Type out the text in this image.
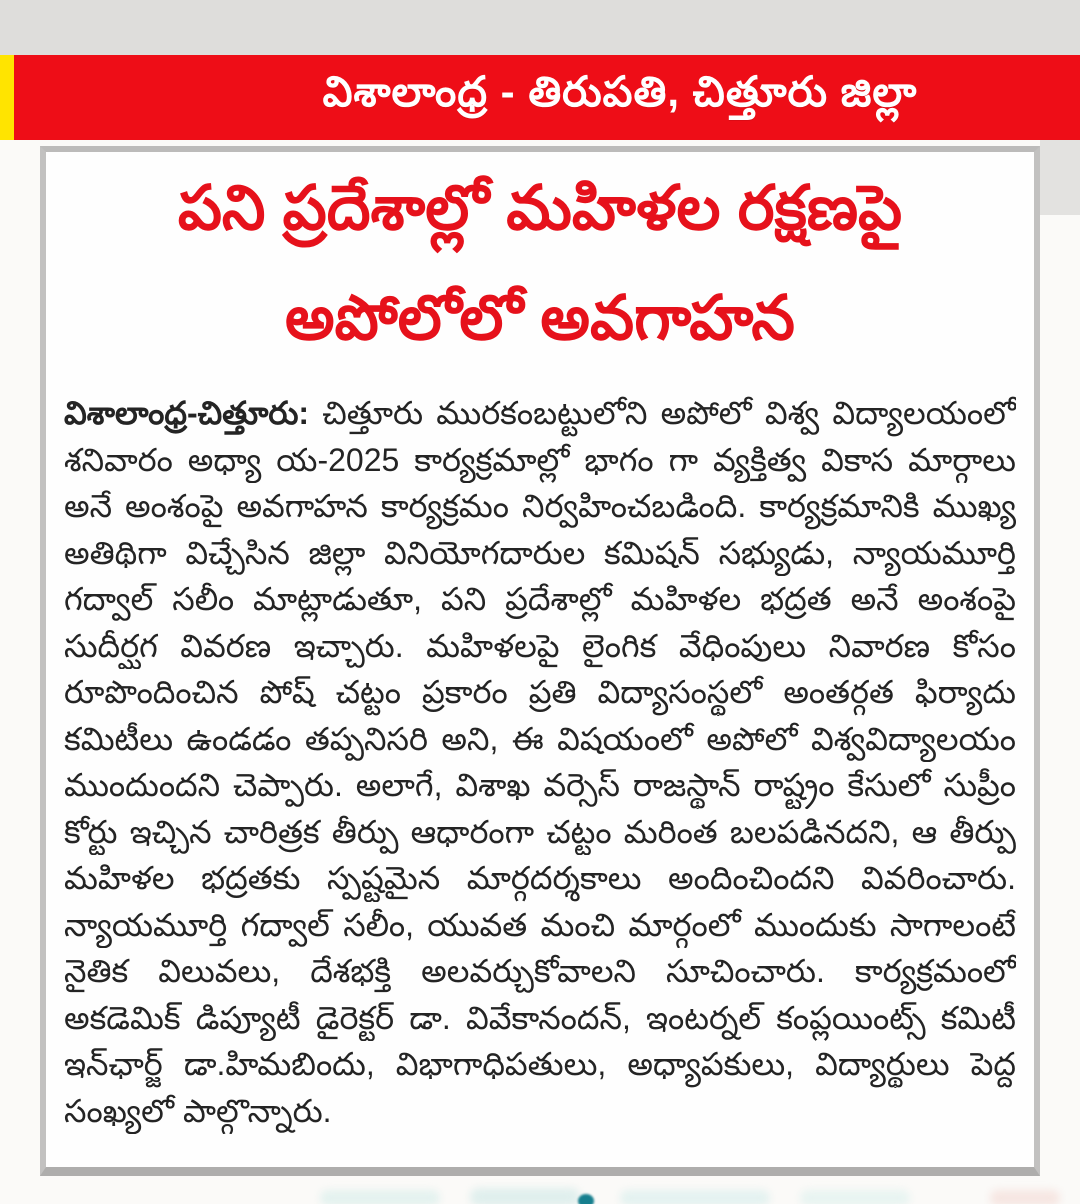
విశాలాంధ్ర - తిరుపతి, చిత్తూరు జిల్లా
పని ప్రదేశాల్లో మహిళల రక్షణపై
అపోలోలో అవగాహన
విశాలాంధ్ర-చిత్తూరు: చిత్తూరు మురకంబట్టులోని అపోలో విశ్వ విద్యాలయంలో
శనివారం అధ్యా య-2025 కార్యక్రమాల్లో భాగం గా వ్యక్తిత్వ వికాస మార్గాలు
అనే అంశంపై అవగాహన కార్యక్రమం నిర్వహించబడింది. కార్యక్రమానికి ముఖ్య
అతిథిగా విచ్చేసిన జిల్లా వినియోగదారుల కమిషన్ సభ్యుడు, న్యాయమూర్తి
గద్వాల్ సలీం మాట్లాడుతూ, పని ప్రదేశాల్లో మహిళల భద్రత అనే అంశంపై
సుదీర్ఘగ వివరణ ఇచ్చారు. మహిళలపై లైంగిక వేధింపులు నివారణ కోసం
రూపొందించిన పోష్ చట్టం ప్రకారం ప్రతి విద్యాసంస్థలో అంతర్గత ఫిర్యాదు
కమిటీలు ఉండడం తప్పనిసరి అని, ఈ విషయంలో అపోలో విశ్వవిద్యాలయం
ముందుందని చెప్పారు. అలాగే, విశాఖ వర్సెస్ రాజస్థాన్ రాష్ట్రం కేసులో సుప్రీం
కోర్టు ఇచ్చిన చారిత్రక తీర్పు ఆధారంగా చట్టం మరింత బలపడినదని, ఆ తీర్పు
మహిళల భద్రతకు స్పష్టమైన మార్గదర్శకాలు అందించిందని వివరించారు.
న్యాయమూర్తి గద్వాల్ సలీం, యువత మంచి మార్గంలో ముందుకు సాగాలంటే
నైతిక విలువలు, దేశభక్తి అలవర్చుకోవాలని సూచించారు. కార్యక్రమంలో
అకడెమిక్ డిప్యూటీ డైరెక్టర్ డా. వివేకానందన్, ఇంటర్నల్ కంప్లయింట్స్ కమిటీ
ఇన్‌ఛార్జ్ డా.హిమబిందు, విభాగాధిపతులు, అధ్యాపకులు, విద్యార్థులు పెద్ద
సంఖ్యలో పాల్గొన్నారు.
